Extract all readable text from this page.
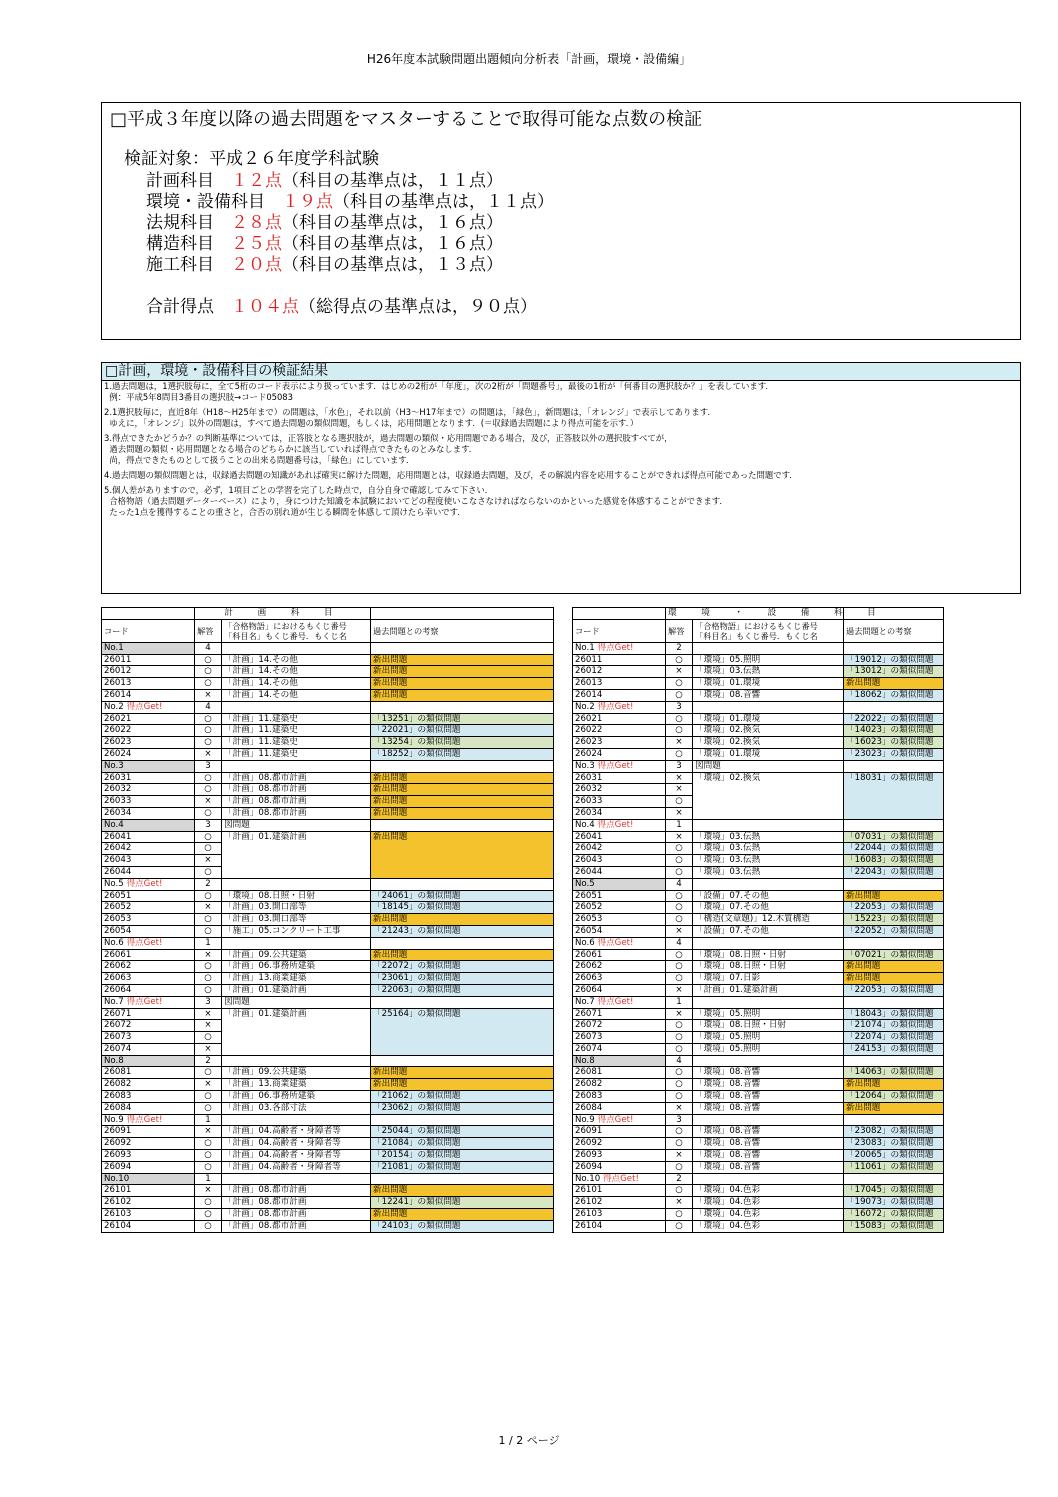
H26年度本試験問題出題傾向分析表「計画，環境・設備編」
□平成３年度以降の過去問題をマスターすることで取得可能な点数の検証
検証対象：平成２６年度学科試験
計画科目　 １２点（科目の基準点は，１１点）
環境・設備科目　 １９点（科目の基準点は，１１点）
法規科目　 ２８点（科目の基準点は，１６点）
構造科目　 ２５点（科目の基準点は，１６点）
施工科目　 ２０点（科目の基準点は，１３点）
合計得点　 １０４点（総得点の基準点は，９０点）
□計画，環境・設備科目の検証結果
1.過去問題は，1選択肢毎に，全て5桁のコード表示により扱っています．はじめの2桁が「年度」，次の2桁が「問題番号」，最後の1桁が「何番目の選択肢か？」を表しています．
例：平成5年8問目3番目の選択肢→コード05083
2.1選択肢毎に，直近8年（H18～H25年まで）の問題は，「水色」，それ以前（H3～H17年まで）の問題は，「緑色」，新問題は，「オレンジ」で表示してあります．
ゆえに，「オレンジ」以外の問題は，すべて過去問題の類似問題，もしくは，応用問題となります．(＝収録過去問題により得点可能を示す．）
3.得点できたかどうか？の判断基準については，正答肢となる選択肢が，過去問題の類似・応用問題である場合，及び，正答肢以外の選択肢すべてが，
過去問題の類似・応用問題となる場合のどちらかに該当していれば得点できたものとみなします．
尚，得点できたものとして扱うことの出来る問題番号は，「緑色」にしています．
4.過去問題の類似問題とは，収録過去問題の知識があれば確実に解けた問題，応用問題とは，収録過去問題，及び，その解説内容を応用することができれば得点可能であった問題です．
5.個人差がありますので，必ず，1項目ごとの学習を完了した時点で，自分自身で確認してみて下さい．
合格物語（過去問題データーベース）により，身につけた知識を本試験においてどの程度使いこなさなければならないのかといった感覚を体感することができます．
たった1点を獲得することの重さと，合否の別れ道が生じる瞬間を体感して頂けたら幸いです．
	計　画　科　目		
コード	解答	「合格物語」におけるもくじ番号
「科目名」もくじ番号．もくじ名	過去問題との考察
No.1	4		
26011	○	「計画」14.その他	新出問題
26012	○	「計画」14.その他	新出問題
26013	○	「計画」14.その他	新出問題
26014	×	「計画」14.その他	新出問題
No.2 得点Get!	4		
26021	○	「計画」11.建築史	「13251」の類似問題
26022	○	「計画」11.建築史	「22021」の類似問題
26023	○	「計画」11.建築史	「13254」の類似問題
26024	×	「計画」11.建築史	「18252」の類似問題
No.3	3		
26031	○	「計画」08.都市計画	新出問題
26032	○	「計画」08.都市計画	新出問題
26033	×	「計画」08.都市計画	新出問題
26034	○	「計画」08.都市計画	新出問題
No.4	3	図問題	
26041	○	「計画」01.建築計画	新出問題
26042	○		
26043	×		
26044	○		
No.5 得点Get!	2		
26051	○	「環境」08.日照・日射	「24061」の類似問題
26052	×	「計画」03.開口部等	「18145」の類似問題
26053	○	「計画」03.開口部等	新出問題
26054	○	「施工」05.コンクリート工事	「21243」の類似問題
No.6 得点Get!	1		
26061	×	「計画」09.公共建築	新出問題
26062	○	「計画」06.事務所建築	「22072」の類似問題
26063	○	「計画」13.商業建築	「23061」の類似問題
26064	○	「計画」01.建築計画	「22063」の類似問題
No.7 得点Get!	3	図問題	
26071	×	「計画」01.建築計画	「25164」の類似問題
26072	×		
26073	○		
26074	×		
No.8	2		
26081	○	「計画」09.公共建築	新出問題
26082	×	「計画」13.商業建築	新出問題
26083	○	「計画」06.事務所建築	「21062」の類似問題
26084	○	「計画」03.各部寸法	「23062」の類似問題
No.9 得点Get!	1		
26091	×	「計画」04.高齢者・身障者等	「25044」の類似問題
26092	○	「計画」04.高齢者・身障者等	「21084」の類似問題
26093	○	「計画」04.高齢者・身障者等	「20154」の類似問題
26094	○	「計画」04.高齢者・身障者等	「21081」の類似問題
No.10	1		
26101	×	「計画」08.都市計画	新出問題
26102	○	「計画」08.都市計画	「12241」の類似問題
26103	○	「計画」08.都市計画	新出問題
26104	○	「計画」08.都市計画	「24103」の類似問題
	環　境　・　設　備　科　目		
コード	解答	「合格物語」におけるもくじ番号
「科目名」もくじ番号．もくじ名	過去問題との考察
No.1 得点Get!	2		
26011	○	「環境」05.照明	「19012」の類似問題
26012	×	「環境」03.伝熱	「13012」の類似問題
26013	○	「環境」01.環境	新出問題
26014	○	「環境」08.音響	「18062」の類似問題
No.2 得点Get!	3		
26021	○	「環境」01.環境	「22022」の類似問題
26022	○	「環境」02.換気	「14023」の類似問題
26023	×	「環境」02.換気	「16023」の類似問題
26024	○	「環境」01.環境	「23023」の類似問題
No.3 得点Get!	3	図問題	
26031	×	「環境」02.換気	「18031」の類似問題
26032	×		
26033	○		
26034	×		
No.4 得点Get!	1		
26041	×	「環境」03.伝熱	「07031」の類似問題
26042	○	「環境」03.伝熱	「22044」の類似問題
26043	○	「環境」03.伝熱	「16083」の類似問題
26044	○	「環境」03.伝熱	「22043」の類似問題
No.5	4		
26051	○	「設備」07.その他	新出問題
26052	○	「環境」07.その他	「22053」の類似問題
26053	○	「構造(文章題)」12.木質構造	「15223」の類似問題
26054	×	「設備」07.その他	「22052」の類似問題
No.6 得点Get!	4		
26061	○	「環境」08.日照・日射	「07021」の類似問題
26062	○	「環境」08.日照・日射	新出問題
26063	○	「環境」07.日影	新出問題
26064	×	「計画」01.建築計画	「22053」の類似問題
No.7 得点Get!	1		
26071	×	「環境」05.照明	「18043」の類似問題
26072	○	「環境」08.日照・日射	「21074」の類似問題
26073	○	「環境」05.照明	「22074」の類似問題
26074	○	「環境」05.照明	「24153」の類似問題
No.8	4		
26081	○	「環境」08.音響	「14063」の類似問題
26082	○	「環境」08.音響	新出問題
26083	○	「環境」08.音響	「12064」の類似問題
26084	×	「環境」08.音響	新出問題
No.9 得点Get!	3		
26091	○	「環境」08.音響	「23082」の類似問題
26092	○	「環境」08.音響	「23083」の類似問題
26093	×	「環境」08.音響	「20065」の類似問題
26094	○	「環境」08.音響	「11061」の類似問題
No.10 得点Get!	2		
26101	○	「環境」04.色彩	「17045」の類似問題
26102	×	「環境」04.色彩	「19073」の類似問題
26103	○	「環境」04.色彩	「16072」の類似問題
26104	○	「環境」04.色彩	「15083」の類似問題
1 / 2 ページ
